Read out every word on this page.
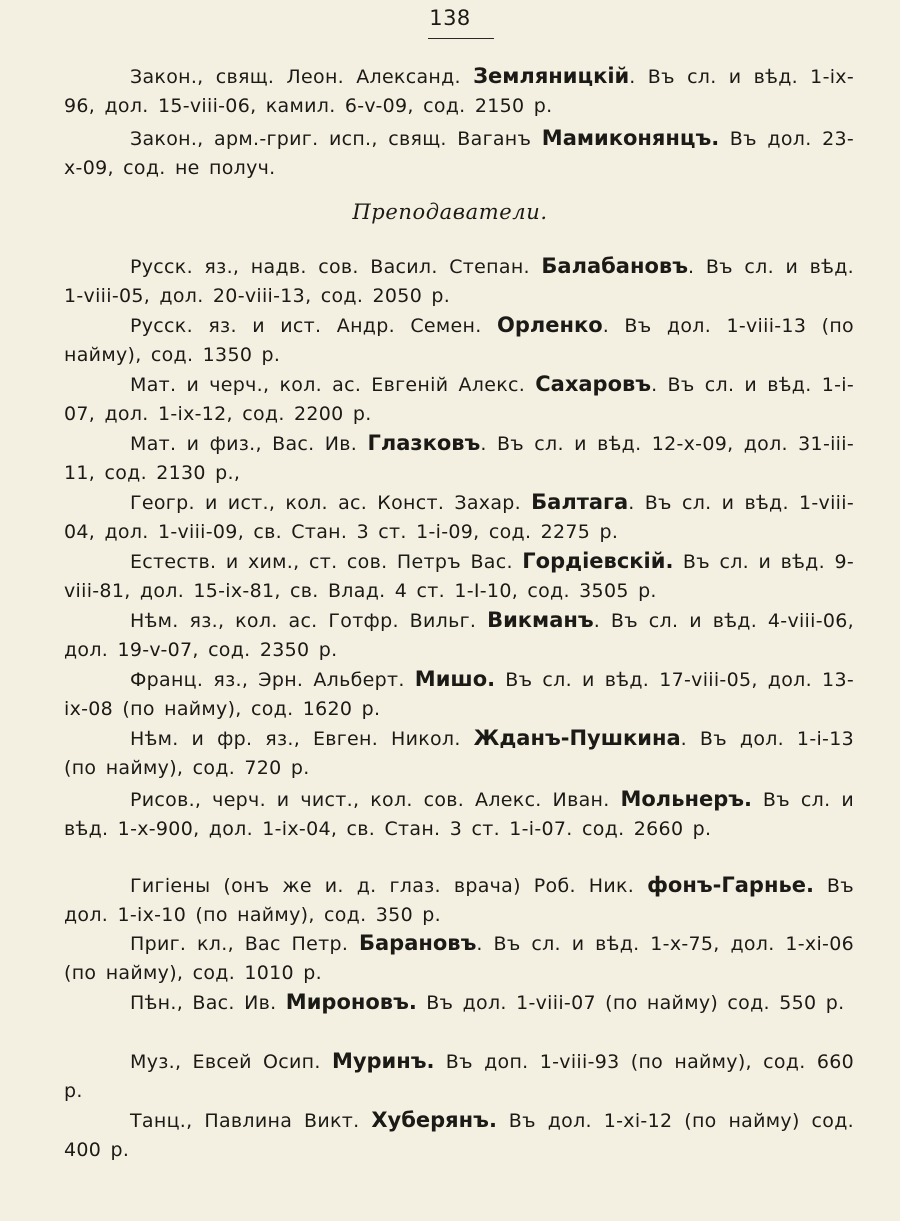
138
Закон., свящ. Леон. Александ. Земляницкій. Въ сл. и вѣд. 1-ix-96, дол. 15-viii-06, камил. 6-v-09, сод. 2150 р.
Закон., арм.-григ. исп., свящ. Ваганъ Мамиконянцъ. Въ дол. 23-x-09, сод. не получ.
Преподаватели.
Русск. яз., надв. сов. Васил. Степан. Балабановъ. Въ сл. и вѣд. 1-viii-05, дол. 20-viii-13, сод. 2050 р.
Русск. яз. и ист. Андр. Семен. Орленко. Въ дол. 1-viii-13 (по найму), сод. 1350 р.
Мат. и черч., кол. ас. Евгеній Алекс. Сахаровъ. Въ сл. и вѣд. 1-i-07, дол. 1-ix-12, сод. 2200 р.
Мат. и физ., Вас. Ив. Глазковъ. Въ сл. и вѣд. 12-x-09, дол. 31-iii-11, сод. 2130 р.,
Геогр. и ист., кол. ас. Конст. Захар. Балтага. Въ сл. и вѣд. 1-viii-04, дол. 1-viii-09, св. Стан. 3 ст. 1-i-09, сод. 2275 р.
Естеств. и хим., ст. сов. Петръ Вас. Гордіевскій. Въ сл. и вѣд. 9-viii-81, дол. 15-ix-81, св. Влад. 4 ст. 1-I-10, сод. 3505 р.
Нѣм. яз., кол. ас. Готфр. Вильг. Викманъ. Въ сл. и вѣд. 4-viii-06, дол. 19-v-07, сод. 2350 р.
Франц. яз., Эрн. Альберт. Мишо. Въ сл. и вѣд. 17-viii-05, дол. 13-ix-08 (по найму), сод. 1620 р.
Нѣм. и фр. яз., Евген. Никол. Жданъ-Пушкина. Въ дол. 1-i-13 (по найму), сод. 720 р.
Рисов., черч. и чист., кол. сов. Алекс. Иван. Мольнеръ. Въ сл. и вѣд. 1-x-900, дол. 1-ix-04, св. Стан. 3 ст. 1-i-07. сод. 2660 р.
Гигіены (онъ же и. д. глаз. врача) Роб. Ник. фонъ-Гарнье. Въ дол. 1-ix-10 (по найму), сод. 350 р.
Приг. кл., Вас Петр. Барановъ. Въ сл. и вѣд. 1-x-75, дол. 1-xi-06 (по найму), сод. 1010 р.
Пѣн., Вас. Ив. Мироновъ. Въ дол. 1-viii-07 (по найму) сод. 550 р.
Муз., Евсей Осип. Муринъ. Въ доп. 1-viii-93 (по найму), сод. 660 р.
Танц., Павлина Викт. Хуберянъ. Въ дол. 1-xi-12 (по найму) сод. 400 р.
